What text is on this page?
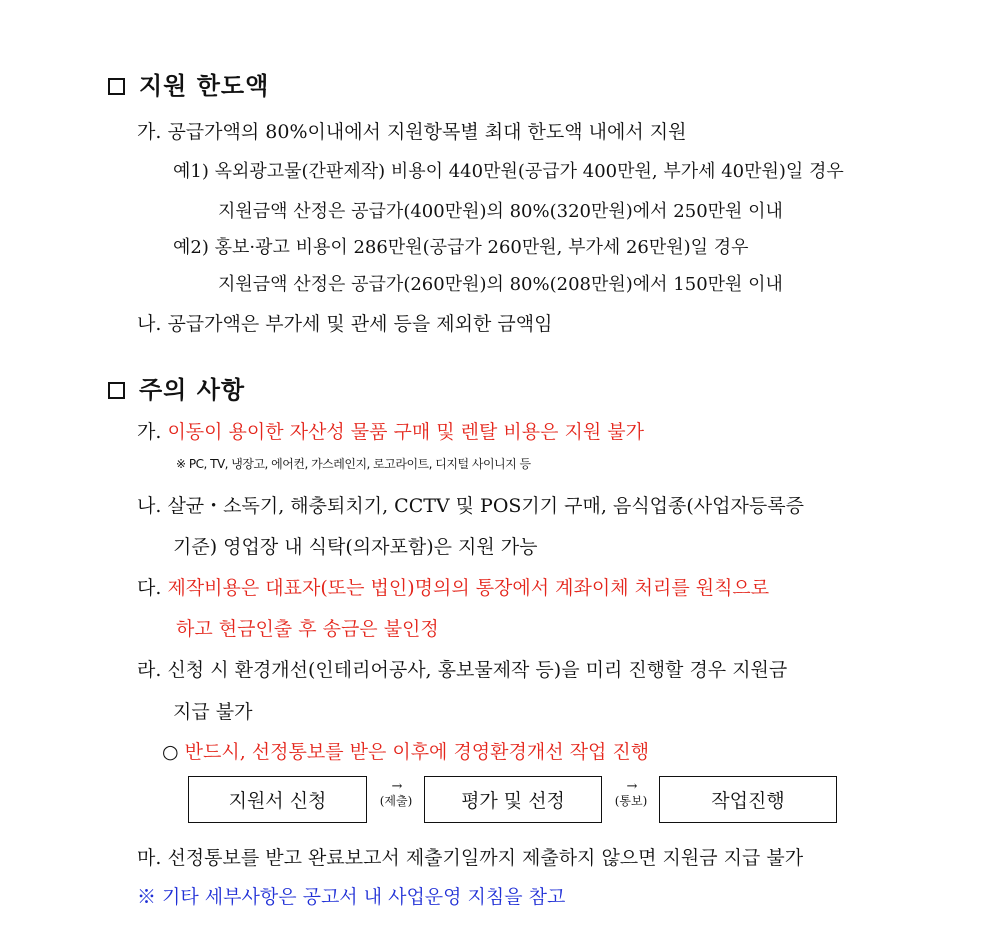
지원 한도액
가. 공급가액의 80%이내에서 지원항목별 최대 한도액 내에서 지원
예1) 옥외광고물(간판제작) 비용이 440만원(공급가 400만원, 부가세 40만원)일 경우
지원금액 산정은 공급가(400만원)의 80%(320만원)에서 250만원 이내
예2) 홍보·광고 비용이 286만원(공급가 260만원, 부가세 26만원)일 경우
지원금액 산정은 공급가(260만원)의 80%(208만원)에서 150만원 이내
나. 공급가액은 부가세 및 관세 등을 제외한 금액임
주의 사항
가. 이동이 용이한 자산성 물품 구매 및 렌탈 비용은 지원 불가
※ PC, TV, 냉장고, 에어컨, 가스레인지, 로고라이트, 디지털 사이니지 등
나. 살균・소독기, 해충퇴치기, CCTV 및 POS기기 구매, 음식업종(사업자등록증
기준) 영업장 내 식탁(의자포함)은 지원 가능
다. 제작비용은 대표자(또는 법인)명의의 통장에서 계좌이체 처리를 원칙으로
하고 현금인출 후 송금은 불인정
라. 신청 시 환경개선(인테리어공사, 홍보물제작 등)을 미리 진행할 경우 지원금
지급 불가
○ 반드시, 선정통보를 받은 이후에 경영환경개선 작업 진행
지원서 신청
→
(제출)	평가 및 선정
→
(통보)	작업진행
마. 선정통보를 받고 완료보고서 제출기일까지 제출하지 않으면 지원금 지급 불가
※ 기타 세부사항은 공고서 내 사업운영 지침을 참고
